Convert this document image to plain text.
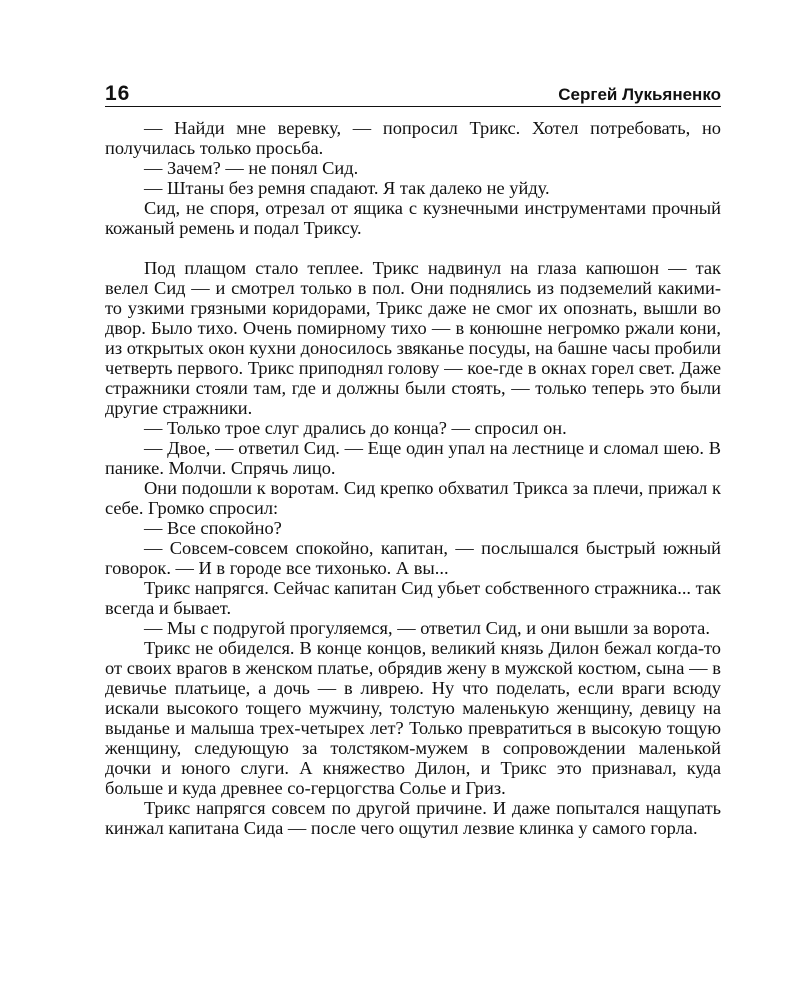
16	Сергей Лукьяненко

— Найди мне веревку, — попросил Трикс. Хотел потребовать, но получилась только просьба.

— Зачем? — не понял Сид.

— Штаны без ремня спадают. Я так далеко не уйду.

Сид, не споря, отрезал от ящика с кузнечными инструментами прочный кожаный ремень и подал Триксу.

Под плащом стало теплее. Трикс надвинул на глаза капюшон — так велел Сид — и смотрел только в пол. Они поднялись из подземелий какими-то узкими грязными коридорами, Трикс даже не смог их опознать, вышли во двор. Было тихо. Очень помирному тихо — в конюшне негромко ржали кони, из открытых окон кухни доносилось звяканье посуды, на башне часы пробили четверть первого. Трикс приподнял голову — кое-где в окнах горел свет. Даже стражники стояли там, где и должны были стоять, — только теперь это были другие стражники.

— Только трое слуг дрались до конца? — спросил он.

— Двое, — ответил Сид. — Еще один упал на лестнице и сломал шею. В панике. Молчи. Спрячь лицо.

Они подошли к воротам. Сид крепко обхватил Трикса за плечи, прижал к себе. Громко спросил:

— Все спокойно?

— Совсем-совсем спокойно, капитан, — послышался быстрый южный говорок. — И в городе все тихонько. А вы...

Трикс напрягся. Сейчас капитан Сид убьет собственного стражника... так всегда и бывает.

— Мы с подругой прогуляемся, — ответил Сид, и они вышли за ворота.

Трикс не обиделся. В конце концов, великий князь Дилон бежал когда-то от своих врагов в женском платье, обрядив жену в мужской костюм, сына — в девичье платьице, а дочь — в ливрею. Ну что поделать, если враги всюду искали высокого тощего мужчину, толстую маленькую женщину, девицу на выданье и малыша трех-четырех лет? Только превратиться в высокую тощую женщину, следующую за толстяком-мужем в сопровождении маленькой дочки и юного слуги. А княжество Дилон, и Трикс это признавал, куда больше и куда древнее со-герцогства Солье и Гриз.

Трикс напрягся совсем по другой причине. И даже попытался нащупать кинжал капитана Сида — после чего ощутил лезвие клинка у самого горла.
